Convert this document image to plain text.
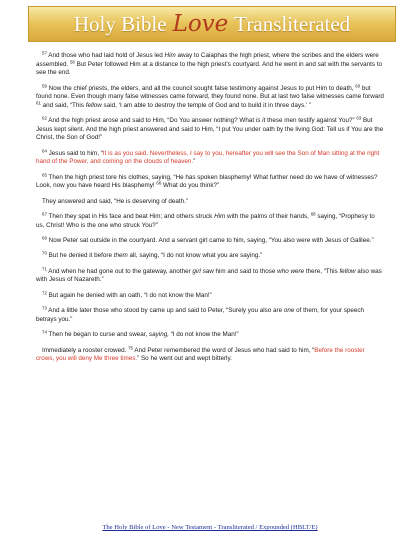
Holy Bible Love Transliterated
$^{57}$ And those who had laid hold of Jesus led Him away to Caiaphas the high priest, where the scribes and the elders were assembled. $^{58}$ But Peter followed Him at a distance to the high priest’s courtyard. And he went in and sat with the servants to see the end.
$^{59}$ Now the chief priests, the elders, and all the council sought false testimony against Jesus to put Him to death, $^{60}$ but found none. Even though many false witnesses came forward, they found none. But at last two false witnesses came forward $^{61}$ and said, “This fellow said, ‘I am able to destroy the temple of God and to build it in three days.’ ”
$^{62}$ And the high priest arose and said to Him, “Do You answer nothing? What is it these men testify against You?” $^{63}$ But Jesus kept silent. And the high priest answered and said to Him, “I put You under oath by the living God: Tell us if You are the Christ, the Son of God!”
$^{64}$ Jesus said to him, “It is as you said. Nevertheless, I say to you, hereafter you will see the Son of Man sitting at the right hand of the Power, and coming on the clouds of heaven.”
$^{65}$ Then the high priest tore his clothes, saying, “He has spoken blasphemy! What further need do we have of witnesses? Look, now you have heard His blasphemy! $^{66}$ What do you think?”
They answered and said, “He is deserving of death.”
$^{67}$ Then they spat in His face and beat Him; and others struck Him with the palms of their hands, $^{68}$ saying, “Prophesy to us, Christ! Who is the one who struck You?”
$^{69}$ Now Peter sat outside in the courtyard. And a servant girl came to him, saying, “You also were with Jesus of Galilee.”
$^{70}$ But he denied it before them all, saying, “I do not know what you are saying.”
$^{71}$ And when he had gone out to the gateway, another girl saw him and said to those who were there, “This fellow also was with Jesus of Nazareth.”
$^{72}$ But again he denied with an oath, “I do not know the Man!”
$^{73}$ And a little later those who stood by came up and said to Peter, “Surely you also are one of them, for your speech betrays you.”
$^{74}$ Then he began to curse and swear, saying, “I do not know the Man!”
Immediately a rooster crowed. $^{75}$ And Peter remembered the word of Jesus who had said to him, “Before the rooster crows, you will deny Me three times.” So he went out and wept bitterly.
The Holy Bible of Love - New Testament - Transliterated / Expounded (HBLT/E)
